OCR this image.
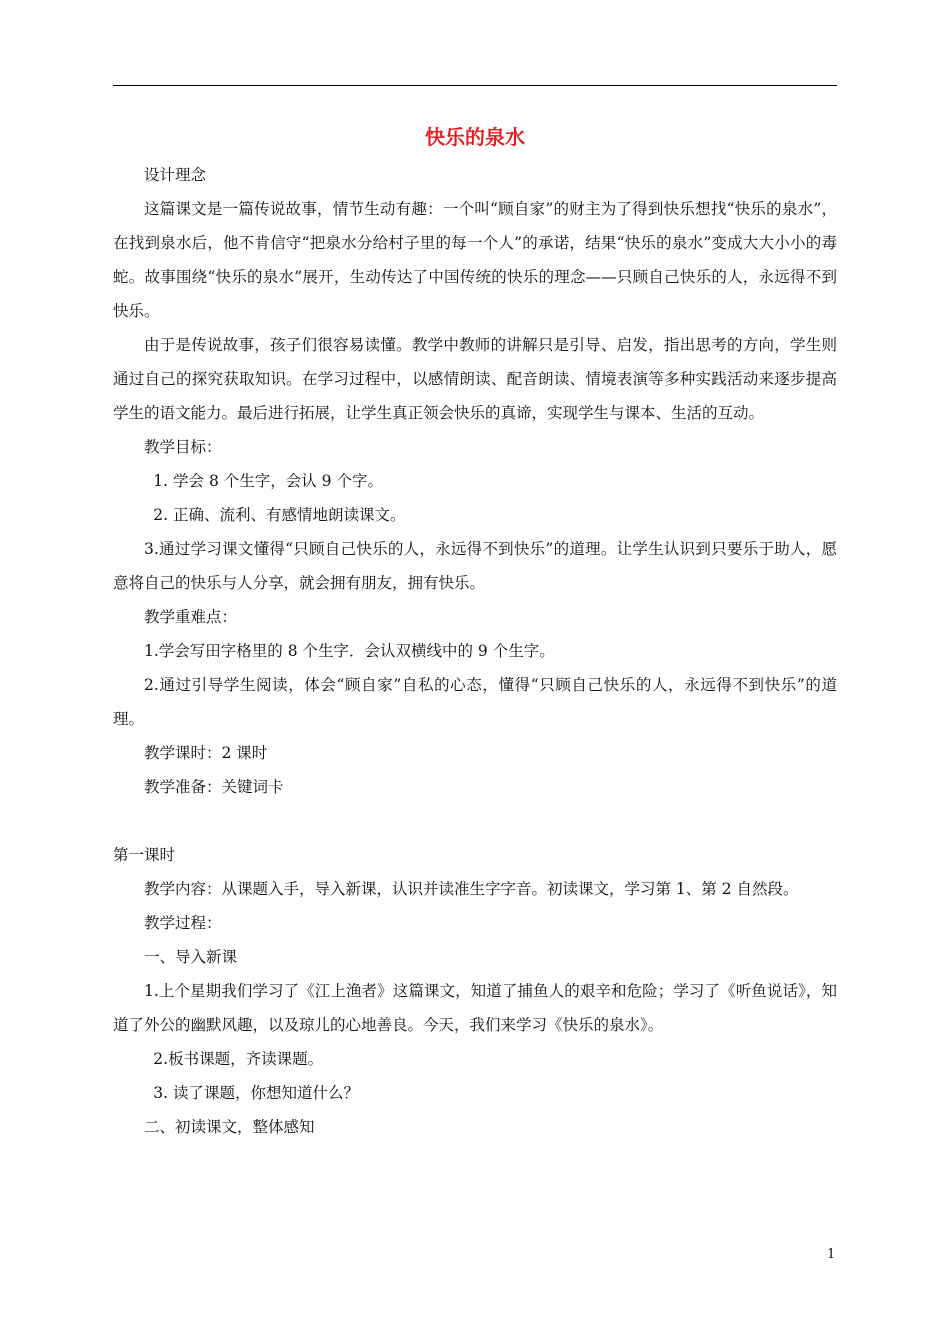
快乐的泉水

设计理念

这篇课文是一篇传说故事，情节生动有趣：一个叫“顾自家”的财主为了得到快乐想找“快乐的泉水”，在找到泉水后，他不肯信守“把泉水分给村子里的每一个人”的承诺，结果“快乐的泉水”变成大大小小的毒蛇。故事围绕“快乐的泉水”展开，生动传达了中国传统的快乐的理念——只顾自己快乐的人，永远得不到快乐。

由于是传说故事，孩子们很容易读懂。教学中教师的讲解只是引导、启发，指出思考的方向，学生则通过自己的探究获取知识。在学习过程中，以感情朗读、配音朗读、情境表演等多种实践活动来逐步提高学生的语文能力。最后进行拓展，让学生真正领会快乐的真谛，实现学生与课本、生活的互动。

教学目标：

1. 学会 8 个生字，会认 9 个字。

2. 正确、流利、有感情地朗读课文。

3.通过学习课文懂得“只顾自己快乐的人，永远得不到快乐”的道理。让学生认识到只要乐于助人，愿意将自己的快乐与人分享，就会拥有朋友，拥有快乐。

教学重难点：

1.学会写田字格里的 8 个生字．会认双横线中的 9 个生字。

2.通过引导学生阅读，体会“顾自家”自私的心态，懂得“只顾自己快乐的人，永远得不到快乐”的道理。

教学课时：2 课时

教学准备：关键词卡

第一课时

教学内容：从课题入手，导入新课，认识并读准生字字音。初读课文，学习第 1、第 2 自然段。

教学过程：

一、导入新课

1.上个星期我们学习了《江上渔者》这篇课文，知道了捕鱼人的艰辛和危险；学习了《听鱼说话》，知道了外公的幽默风趣，以及琼儿的心地善良。今天，我们来学习《快乐的泉水》。

2.板书课题，齐读课题。

3. 读了课题，你想知道什么？

二、初读课文，整体感知

1
